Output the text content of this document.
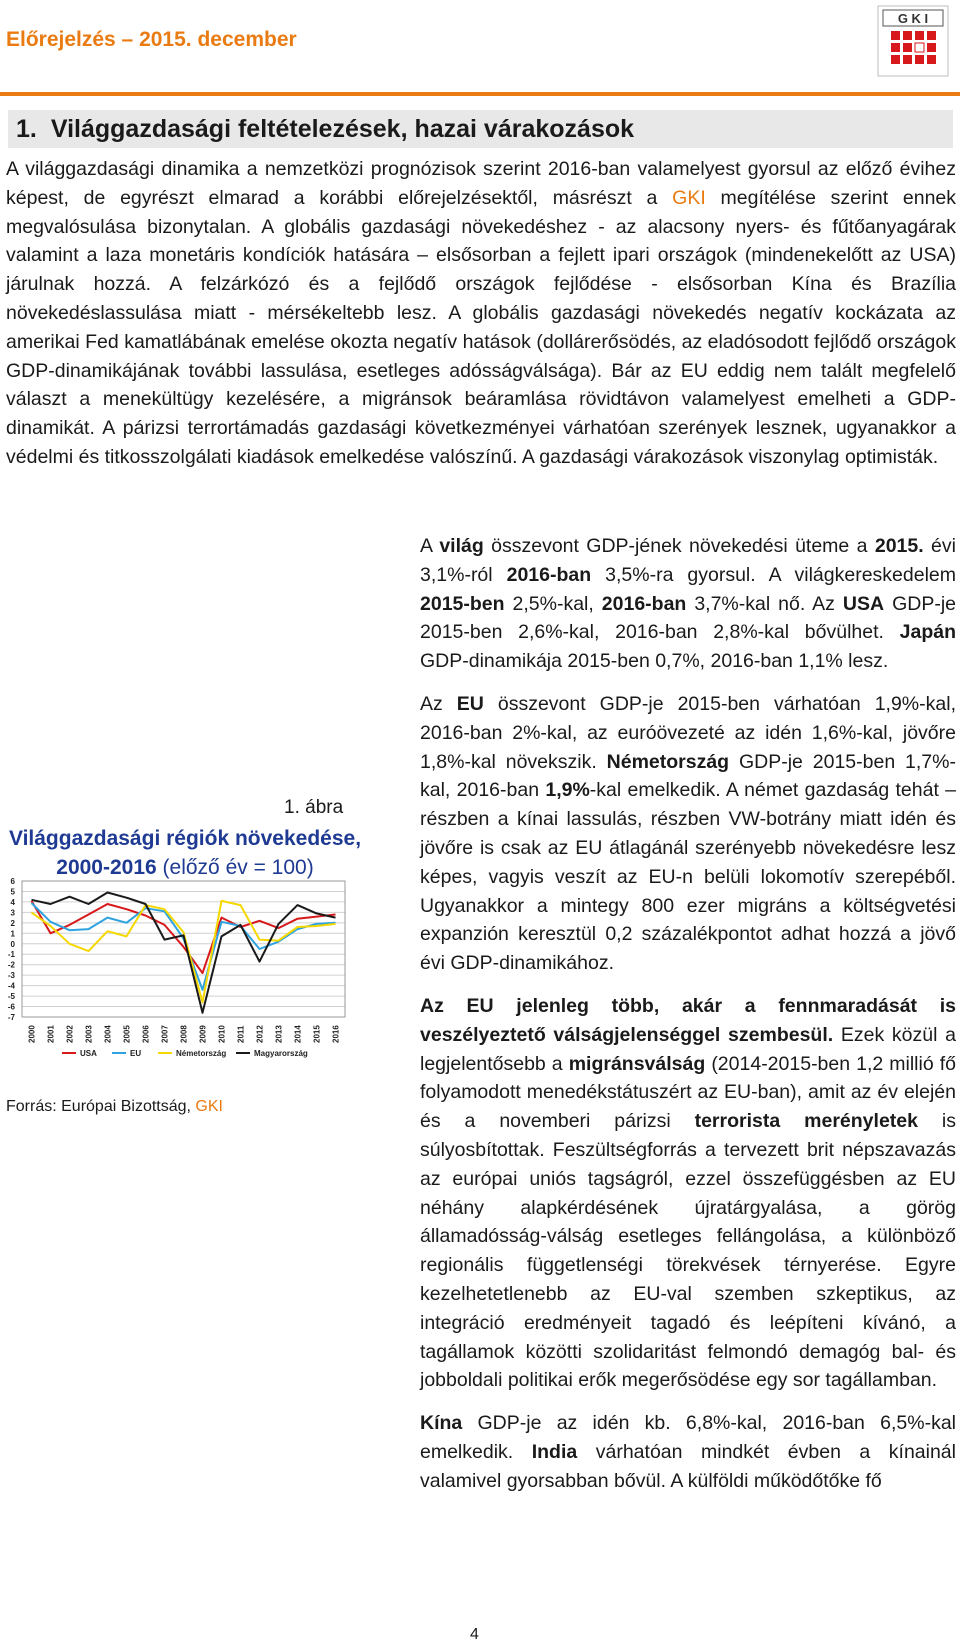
Előrejelzés – 2015. december
G K I
1. Világgazdasági feltételezések, hazai várakozások

A világgazdasági dinamika a nemzetközi prognózisok szerint 2016-ban valamelyest gyorsul az előző évihez képest, de egyrészt elmarad a korábbi előrejelzésektől, másrészt a GKI megítélése szerint ennek megvalósulása bizonytalan. A globális gazdasági növekedéshez - az alacsony nyers- és fűtőanyagárak valamint a laza monetáris kondíciók hatására – elsősorban a fejlett ipari országok (mindenekelőtt az USA) járulnak hozzá. A felzárkózó és a fejlődő országok fejlődése - elsősorban Kína és Brazília növekedéslassulása miatt - mérsékeltebb lesz. A globális gazdasági növekedés negatív kockázata az amerikai Fed kamatlábának emelése okozta negatív hatások (dollárerősödés, az eladósodott fejlődő országok GDP-dinamikájának további lassulása, esetleges adósságválsága). Bár az EU eddig nem talált megfelelő választ a menekültügy kezelésére, a migránsok beáramlása rövidtávon valamelyest emelheti a GDP-dinamikát. A párizsi terrortámadás gazdasági következményei várhatóan szerények lesznek, ugyanakkor a védelmi és titkosszolgálati kiadások emelkedése valószínű. A gazdasági várakozások viszonylag optimisták.

1. ábra
Világgazdasági régiók növekedése,
2000-2016 (előző év = 100)
6
5
4
3
2
1
0
-1
-2
-3
-4
-5
-6
-7
2000 2001 2002 2003 2004 2005 2006 2007 2008 2009 2010 2011 2012 2013 2014 2015 2016
USA	EU	Németország	Magyarország
Forrás: Európai Bizottság, GKI

A világ összevont GDP-jének növekedési üteme a 2015. évi 3,1%-ról 2016-ban 3,5%-ra gyorsul. A világkereskedelem 2015-ben 2,5%-kal, 2016-ban 3,7%-kal nő. Az USA GDP-je 2015-ben 2,6%-kal, 2016-ban 2,8%-kal bővülhet. Japán GDP-dinamikája 2015-ben 0,7%, 2016-ban 1,1% lesz.

Az EU összevont GDP-je 2015-ben várhatóan 1,9%-kal, 2016-ban 2%-kal, az euróövezeté az idén 1,6%-kal, jövőre 1,8%-kal növekszik. Németország GDP-je 2015-ben 1,7%-kal, 2016-ban 1,9%-kal emelkedik. A német gazdaság tehát – részben a kínai lassulás, részben VW-botrány miatt idén és jövőre is csak az EU átlagánál szerényebb növekedésre lesz képes, vagyis veszít az EU-n belüli lokomotív szerepéből. Ugyanakkor a mintegy 800 ezer migráns a költségvetési expanzión keresztül 0,2 százalékpontot adhat hozzá a jövő évi GDP-dinamikához.

Az EU jelenleg több, akár a fennmaradását is veszélyeztető válságjelenséggel szembesül. Ezek közül a legjelentősebb a migránsválság (2014-2015-ben 1,2 millió fő folyamodott menedékstátuszért az EU-ban), amit az év elején és a novemberi párizsi terrorista merényletek is súlyosbítottak. Feszültségforrás a tervezett brit népszavazás az európai uniós tagságról, ezzel összefüggésben az EU néhány alapkérdésének újratárgyalása, a görög államadósság-válság esetleges fellángolása, a különböző regionális függetlenségi törekvések térnyerése. Egyre kezelhetetlenebb az EU-val szemben szkeptikus, az integráció eredményeit tagadó és leépíteni kívánó, a tagállamok közötti szolidaritást felmondó demagóg bal- és jobboldali politikai erők megerősödése egy sor tagállamban.

Kína GDP-je az idén kb. 6,8%-kal, 2016-ban 6,5%-kal emelkedik. India várhatóan mindkét évben a kínainál valamivel gyorsabban bővül. A külföldi működőtőke fő

4
